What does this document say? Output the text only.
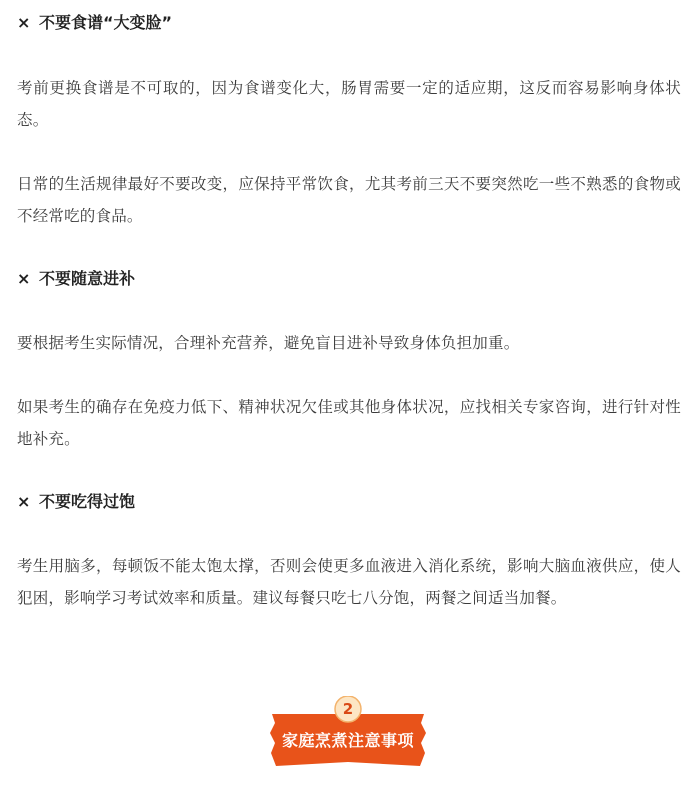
× 不要食谱“大变脸”
考前更换食谱是不可取的，因为食谱变化大，肠胃需要一定的适应期，这反而容易影响身体状态。
日常的生活规律最好不要改变，应保持平常饮食，尤其考前三天不要突然吃一些不熟悉的食物或不经常吃的食品。
× 不要随意进补
要根据考生实际情况，合理补充营养，避免盲目进补导致身体负担加重。
如果考生的确存在免疫力低下、精神状况欠佳或其他身体状况，应找相关专家咨询，进行针对性地补充。
× 不要吃得过饱
考生用脑多，每顿饭不能太饱太撑，否则会使更多血液进入消化系统，影响大脑血液供应，使人犯困，影响学习考试效率和质量。建议每餐只吃七八分饱，两餐之间适当加餐。
2
家庭烹煮注意事项
